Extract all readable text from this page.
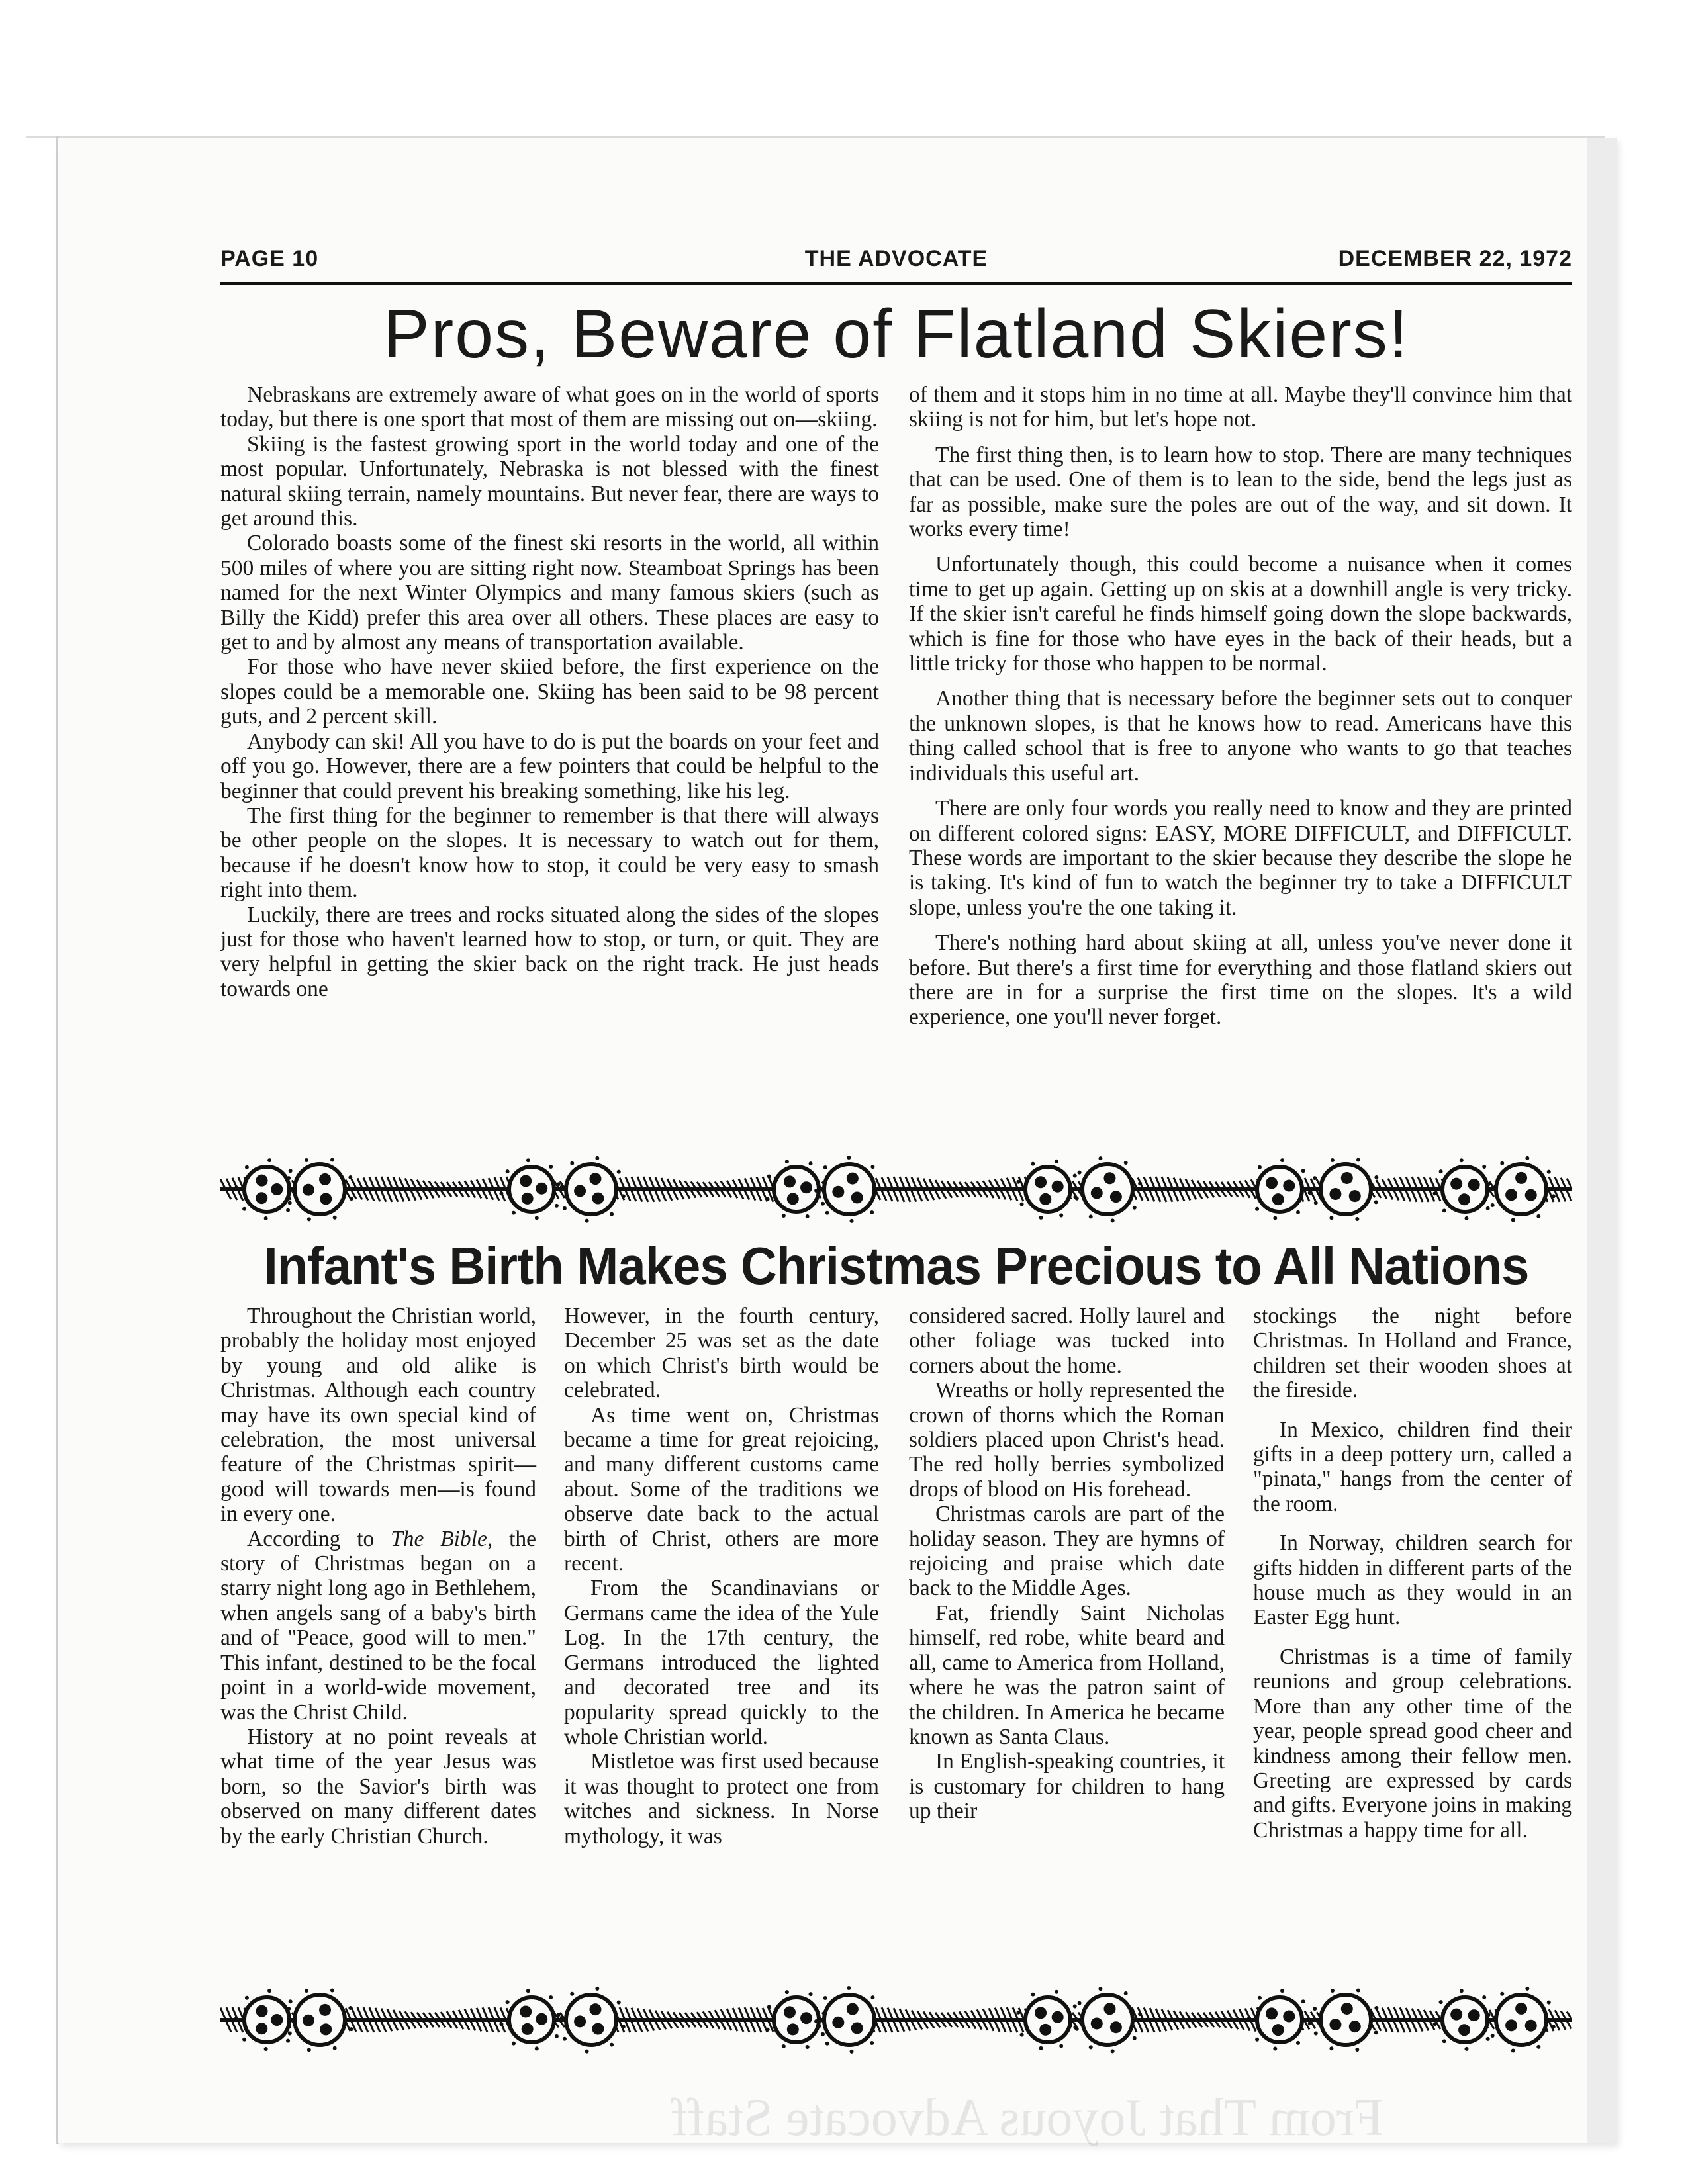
PAGE 10	THE ADVOCATE	DECEMBER 22, 1972
Pros, Beware of Flatland Skiers!

Nebraskans are extremely aware of what goes on in the world of sports today, but there is one sport that most of them are missing out on—skiing.

Skiing is the fastest growing sport in the world today and one of the most popular. Unfortunately, Nebraska is not blessed with the finest natural skiing terrain, namely mountains. But never fear, there are ways to get around this.

Colorado boasts some of the finest ski resorts in the world, all within 500 miles of where you are sitting right now. Steamboat Springs has been named for the next Winter Olympics and many famous skiers (such as Billy the Kidd) prefer this area over all others. These places are easy to get to and by almost any means of transportation available.

For those who have never skiied before, the first experience on the slopes could be a memorable one. Skiing has been said to be 98 percent guts, and 2 percent skill.

Anybody can ski! All you have to do is put the boards on your feet and off you go. However, there are a few pointers that could be helpful to the beginner that could prevent his breaking something, like his leg.

The first thing for the beginner to remember is that there will always be other people on the slopes. It is necessary to watch out for them, because if he doesn't know how to stop, it could be very easy to smash right into them.

Luckily, there are trees and rocks situated along the sides of the slopes just for those who haven't learned how to stop, or turn, or quit. They are very helpful in getting the skier back on the right track. He just heads towards one

of them and it stops him in no time at all. Maybe they'll convince him that skiing is not for him, but let's hope not.

The first thing then, is to learn how to stop. There are many techniques that can be used. One of them is to lean to the side, bend the legs just as far as possible, make sure the poles are out of the way, and sit down. It works every time!

Unfortunately though, this could become a nuisance when it comes time to get up again. Getting up on skis at a downhill angle is very tricky. If the skier isn't careful he finds himself going down the slope backwards, which is fine for those who have eyes in the back of their heads, but a little tricky for those who happen to be normal.

Another thing that is necessary before the beginner sets out to conquer the unknown slopes, is that he knows how to read. Americans have this thing called school that is free to anyone who wants to go that teaches individuals this useful art.

There are only four words you really need to know and they are printed on different colored signs: EASY, MORE DIFFICULT, and DIFFICULT. These words are important to the skier because they describe the slope he is taking. It's kind of fun to watch the beginner try to take a DIFFICULT slope, unless you're the one taking it.

There's nothing hard about skiing at all, unless you've never done it before. But there's a first time for everything and those flatland skiers out there are in for a surprise the first time on the slopes. It's a wild experience, one you'll never forget.

Infant's Birth Makes Christmas Precious to All Nations

Throughout the Christian world, probably the holiday most enjoyed by young and old alike is Christmas. Although each country may have its own special kind of celebration, the most universal feature of the Christmas spirit—good will towards men—is found in every one.

According to The Bible, the story of Christmas began on a starry night long ago in Bethlehem, when angels sang of a baby's birth and of "Peace, good will to men." This infant, destined to be the focal point in a world-wide movement, was the Christ Child.

History at no point reveals at what time of the year Jesus was born, so the Savior's birth was observed on many different dates by the early Christian Church.

However, in the fourth century, December 25 was set as the date on which Christ's birth would be celebrated.

As time went on, Christmas became a time for great rejoicing, and many different customs came about. Some of the traditions we observe date back to the actual birth of Christ, others are more recent.

From the Scandinavians or Germans came the idea of the Yule Log. In the 17th century, the Germans introduced the lighted and decorated tree and its popularity spread quickly to the whole Christian world.

Mistletoe was first used because it was thought to protect one from witches and sickness. In Norse mythology, it was

considered sacred. Holly laurel and other foliage was tucked into corners about the home.

Wreaths or holly represented the crown of thorns which the Roman soldiers placed upon Christ's head. The red holly berries symbolized drops of blood on His forehead.

Christmas carols are part of the holiday season. They are hymns of rejoicing and praise which date back to the Middle Ages.

Fat, friendly Saint Nicholas himself, red robe, white beard and all, came to America from Holland, where he was the patron saint of the children. In America he became known as Santa Claus.

In English-speaking countries, it is customary for children to hang up their

stockings the night before Christmas. In Holland and France, children set their wooden shoes at the fireside.

In Mexico, children find their gifts in a deep pottery urn, called a "pinata," hangs from the center of the room.

In Norway, children search for gifts hidden in different parts of the house much as they would in an Easter Egg hunt.

Christmas is a time of family reunions and group celebrations. More than any other time of the year, people spread good cheer and kindness among their fellow men. Greeting are expressed by cards and gifts. Everyone joins in making Christmas a happy time for all.
